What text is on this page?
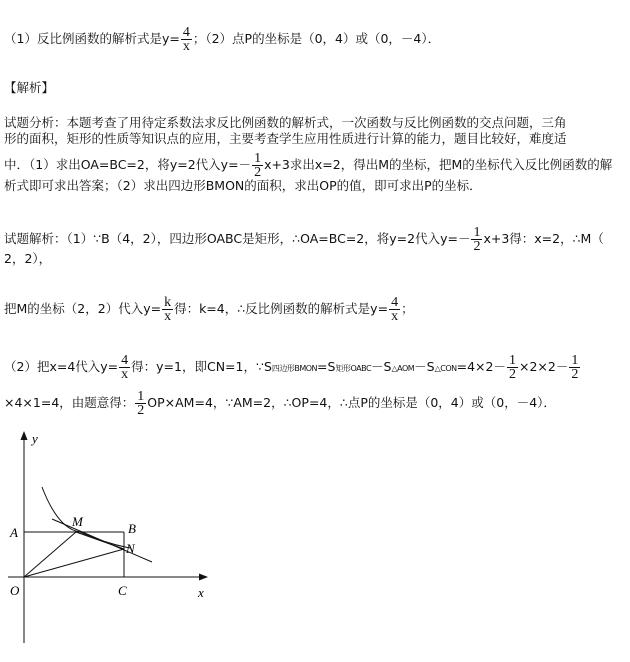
（1）反比例函数的解析式是$y= \frac{4}{x}$ ；（2）点P的坐标是（0，4）或（0，－4）．
【解析】
试题分析：本题考查了用待定系数法求反比例函数的解析式，一次函数与反比例函数的交点问题，三角
形的面积，矩形的性质等知识点的应用，主要考查学生应用性质进行计算的能力，题目比较好，难度适
中．（1）求出OA=BC=2，将y=2代入$y=- \frac{1}{2} x+3$求出x=2，得出M的坐标，把M的坐标代入反比例函数的解
析式即可求出答案；（2）求出四边形BMON的面积，求出OP的值，即可求出P的坐标．
试题解析：（1）∵B（4，2），四边形OABC是矩形，∴OA=BC=2，将y=2代入$y=- \frac{1}{2} x+3$得：x=2，∴M（
2，2），
把M的坐标（2，2）代入$y= \frac{k}{x}$ 得：k=4，∴反比例函数的解析式是$y= \frac{4}{x}$ ；
（2）把x=4代入$y= \frac{4}{x}$ 得：y=1，即CN=1，∵S四边形BMON=S矩形OABC－S△AOM－S△CON=4×2－ $\frac{1}{2} \times 2\times 2- \frac{1}{2}$
×4×1=4，由题意得： $\frac{1}{2} OP\times AM=4$，∵AM=2，∴OP=4，∴点P的坐标是（0，4）或（0，－4）．
y
x
O
A	B
C
M
N
